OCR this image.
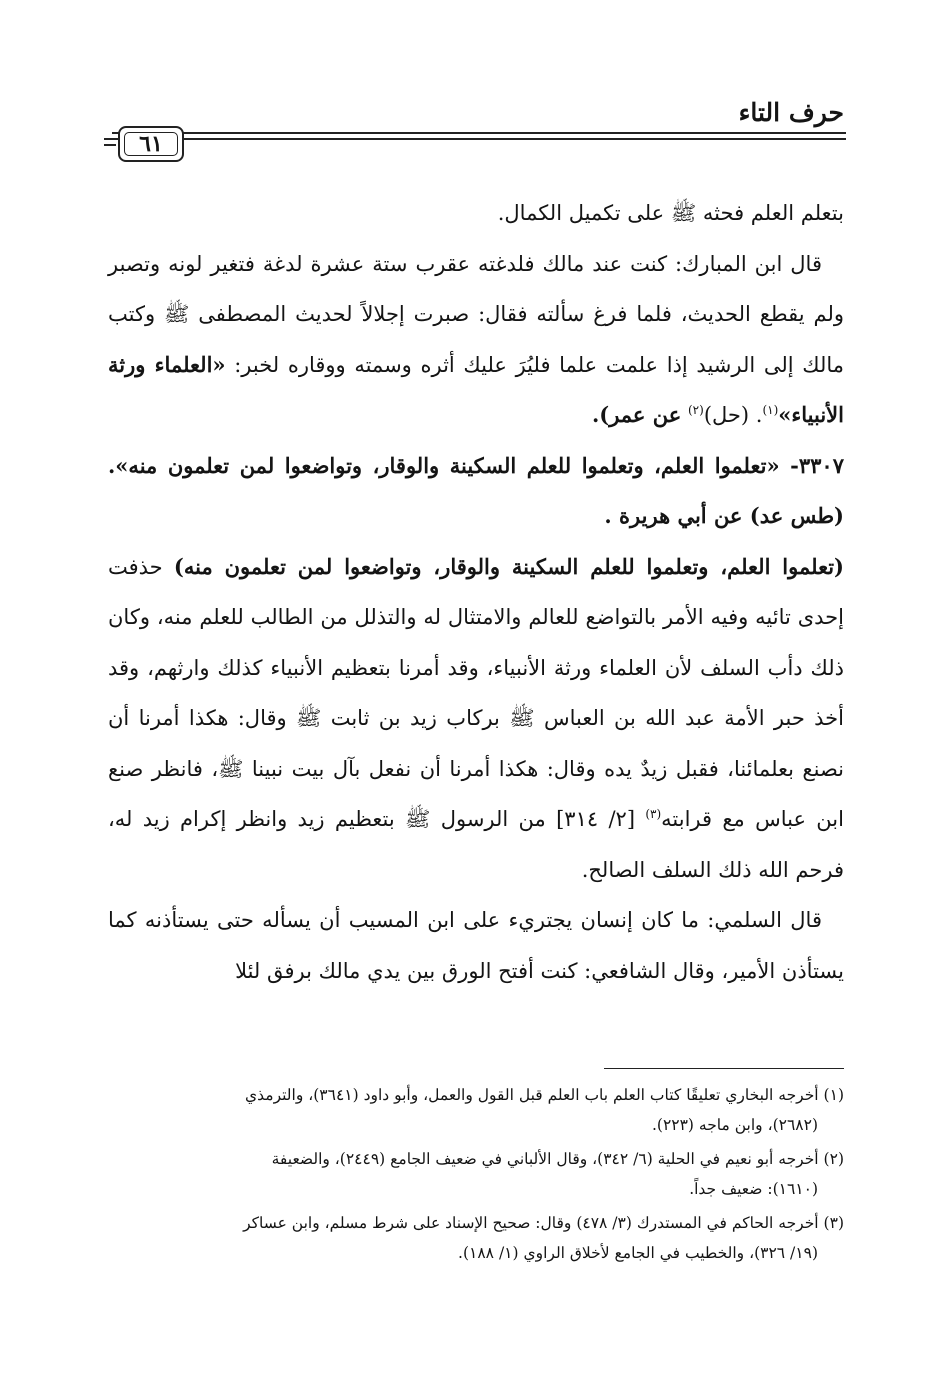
حرف التاء
٦١

بتعلم العلم فحثه ﷺ على تكميل الكمال.

قال ابن المبارك: كنت عند مالك فلدغته عقرب ستة عشرة لدغة فتغير لونه وتصبر ولم يقطع الحديث، فلما فرغ سألته فقال: صبرت إجلالاً لحديث المصطفى ﷺ وكتب مالك إلى الرشيد إذا علمت علما فليُرَ عليك أثره وسمته ووقاره لخبر: «العلماء ورثة الأنبياء»$^{(١)}$. (حل)$^{(٢)}$ عن عمر).

٣٣٠٧- «تعلموا العلم، وتعلموا للعلم السكينة والوقار، وتواضعوا لمن تعلمون منه». (طس عد) عن أبي هريرة .

(تعلموا العلم، وتعلموا للعلم السكينة والوقار، وتواضعوا لمن تعلمون منه) حذفت إحدى تائيه وفيه الأمر بالتواضع للعالم والامتثال له والتذلل من الطالب للعلم منه، وكان ذلك دأب السلف لأن العلماء ورثة الأنبياء، وقد أمرنا بتعظيم الأنبياء كذلك وارثهم، وقد أخذ حبر الأمة عبد الله بن العباس ﷺ بركاب زيد بن ثابت ﷺ وقال: هكذا أمرنا أن نصنع بعلمائنا، فقبل زيدٌ يده وقال: هكذا أمرنا أن نفعل بآل بيت نبينا ﷺ، فانظر صنع ابن عباس مع قرابته$^{(٣)}$ [٢/ ٣١٤] من الرسول ﷺ بتعظيم زيد وانظر إكرام زيد له، فرحم الله ذلك السلف الصالح.

قال السلمي: ما كان إنسان يجتريء على ابن المسيب أن يسأله حتى يستأذنه كما يستأذن الأمير، وقال الشافعي: كنت أفتح الورق بين يدي مالك برفق لئلا

(١) أخرجه البخاري تعليقًا كتاب العلم باب العلم قبل القول والعمل، وأبو داود (٣٦٤١)، والترمذي
(٢٦٨٢)، وابن ماجه (٢٢٣).

(٢) أخرجه أبو نعيم في الحلية (٦/ ٣٤٢)، وقال الألباني في ضعيف الجامع (٢٤٤٩)، والضعيفة
(١٦١٠): ضعيف جداً.

(٣) أخرجه الحاكم في المستدرك (٣/ ٤٧٨) وقال: صحيح الإسناد على شرط مسلم، وابن عساكر
(١٩/ ٣٢٦)، والخطيب في الجامع لأخلاق الراوي (١/ ١٨٨).
